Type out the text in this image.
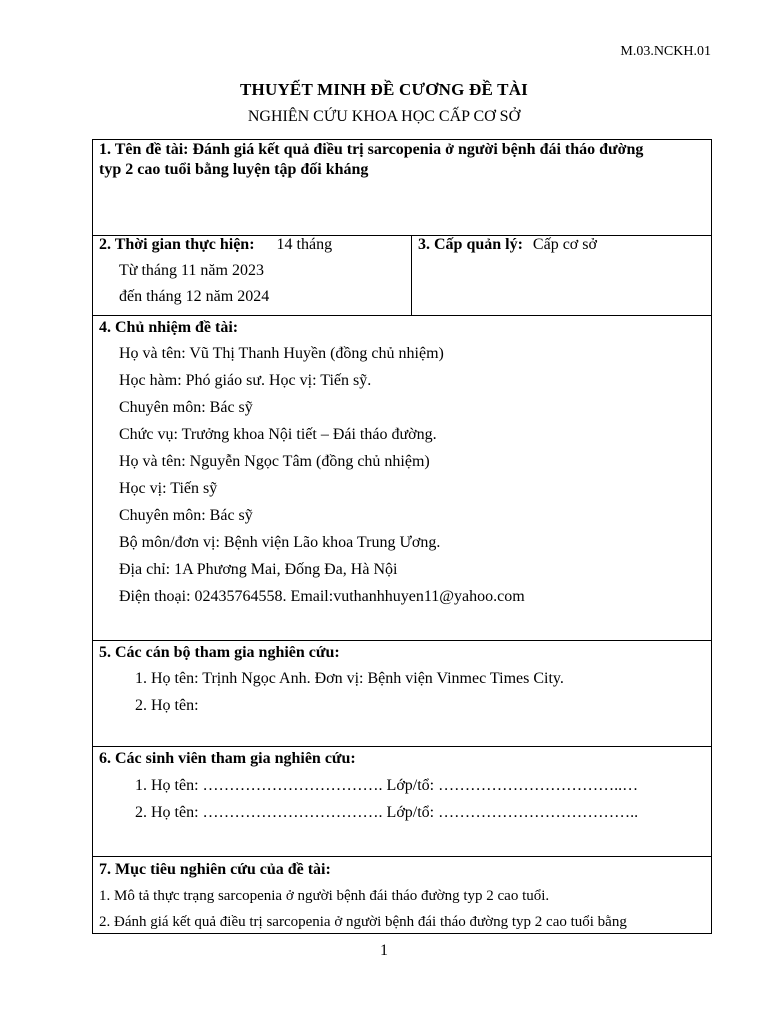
M.03.NCKH.01
THUYẾT MINH ĐỀ CƯƠNG ĐỀ TÀI
NGHIÊN CỨU KHOA HỌC CẤP CƠ SỞ
1. Tên đề tài: Đánh giá kết quả điều trị sarcopenia ở người bệnh đái tháo đường
typ 2 cao tuổi bằng luyện tập đối kháng
2. Thời gian thực hiện: 14 tháng
Từ tháng 11 năm 2023
đến tháng 12 năm 2024
3. Cấp quản lý: Cấp cơ sở
4. Chủ nhiệm đề tài:
Họ và tên: Vũ Thị Thanh Huyền (đồng chủ nhiệm)
Học hàm: Phó giáo sư. Học vị: Tiến sỹ.
Chuyên môn: Bác sỹ
Chức vụ: Trưởng khoa Nội tiết – Đái tháo đường.
Họ và tên: Nguyễn Ngọc Tâm (đồng chủ nhiệm)
Học vị: Tiến sỹ
Chuyên môn: Bác sỹ
Bộ môn/đơn vị: Bệnh viện Lão khoa Trung Ương.
Địa chỉ: 1A Phương Mai, Đống Đa, Hà Nội
Điện thoại: 02435764558. Email:vuthanhhuyen11@yahoo.com
5. Các cán bộ tham gia nghiên cứu:
1. Họ tên: Trịnh Ngọc Anh. Đơn vị: Bệnh viện Vinmec Times City.
2. Họ tên:
6. Các sinh viên tham gia nghiên cứu:
1. Họ tên: ……………………………. Lớp/tổ: ……………………………..…
2. Họ tên: ……………………………. Lớp/tổ: ………………………………..
7. Mục tiêu nghiên cứu của đề tài:
1. Mô tả thực trạng sarcopenia ở người bệnh đái tháo đường typ 2 cao tuổi.
2. Đánh giá kết quả điều trị sarcopenia ở người bệnh đái tháo đường typ 2 cao tuổi bằng
1
